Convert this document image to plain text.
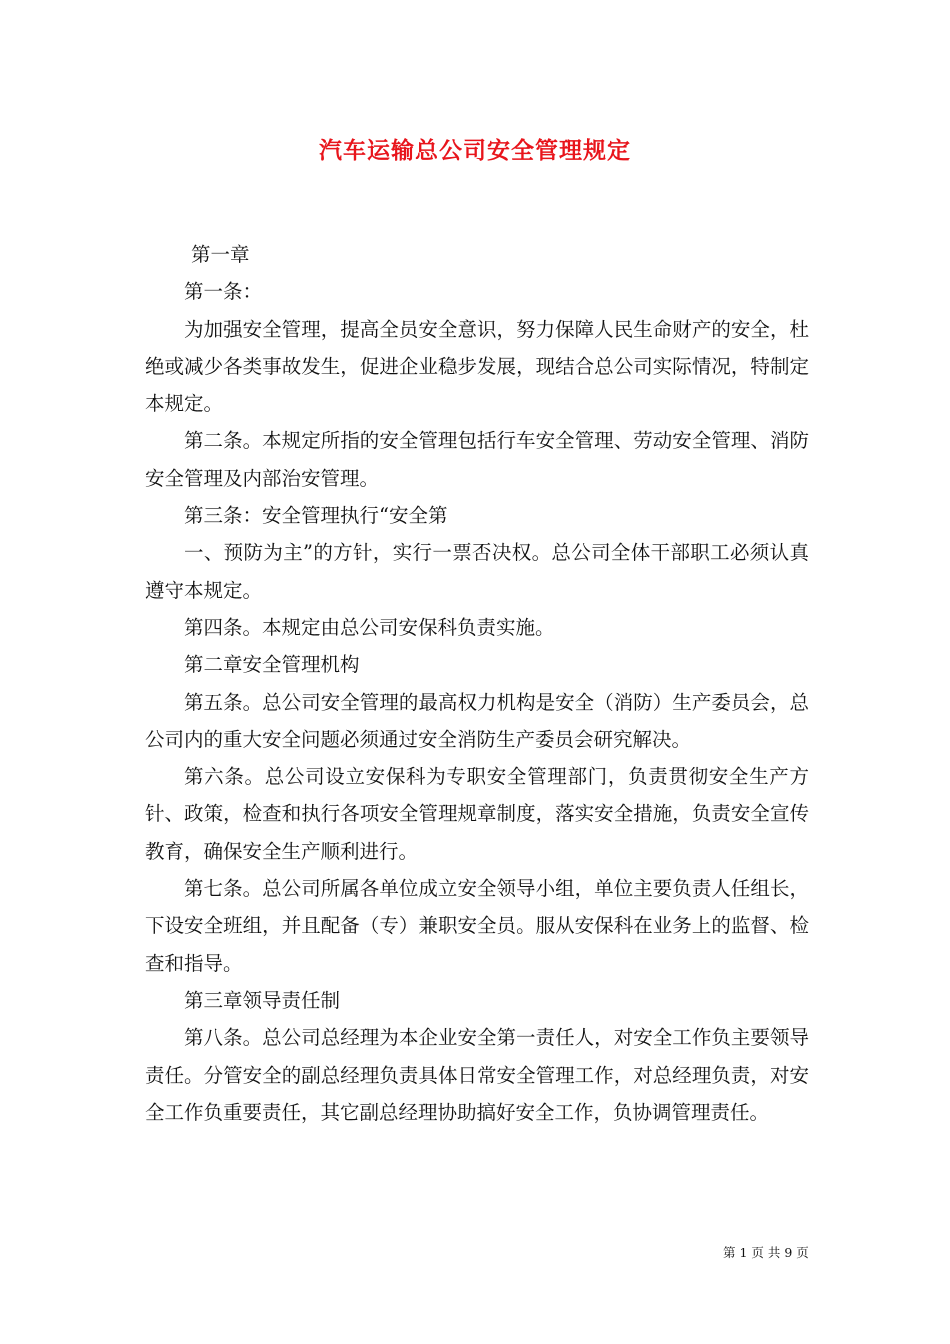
汽车运输总公司安全管理规定

第一章

第一条：

为加强安全管理，提高全员安全意识，努力保障人民生命财产的安全，杜绝或减少各类事故发生，促进企业稳步发展，现结合总公司实际情况，特制定本规定。

第二条。本规定所指的安全管理包括行车安全管理、劳动安全管理、消防安全管理及内部治安管理。

第三条：安全管理执行“安全第

一、预防为主”的方针，实行一票否决权。总公司全体干部职工必须认真遵守本规定。

第四条。本规定由总公司安保科负责实施。

第二章安全管理机构

第五条。总公司安全管理的最高权力机构是安全（消防）生产委员会，总公司内的重大安全问题必须通过安全消防生产委员会研究解决。

第六条。总公司设立安保科为专职安全管理部门，负责贯彻安全生产方针、政策，检查和执行各项安全管理规章制度，落实安全措施，负责安全宣传教育，确保安全生产顺利进行。

第七条。总公司所属各单位成立安全领导小组，单位主要负责人任组长，下设安全班组，并且配备（专）兼职安全员。服从安保科在业务上的监督、检查和指导。

第三章领导责任制

第八条。总公司总经理为本企业安全第一责任人，对安全工作负主要领导责任。分管安全的副总经理负责具体日常安全管理工作，对总经理负责，对安全工作负重要责任，其它副总经理协助搞好安全工作，负协调管理责任。

第 1 页 共 9 页
